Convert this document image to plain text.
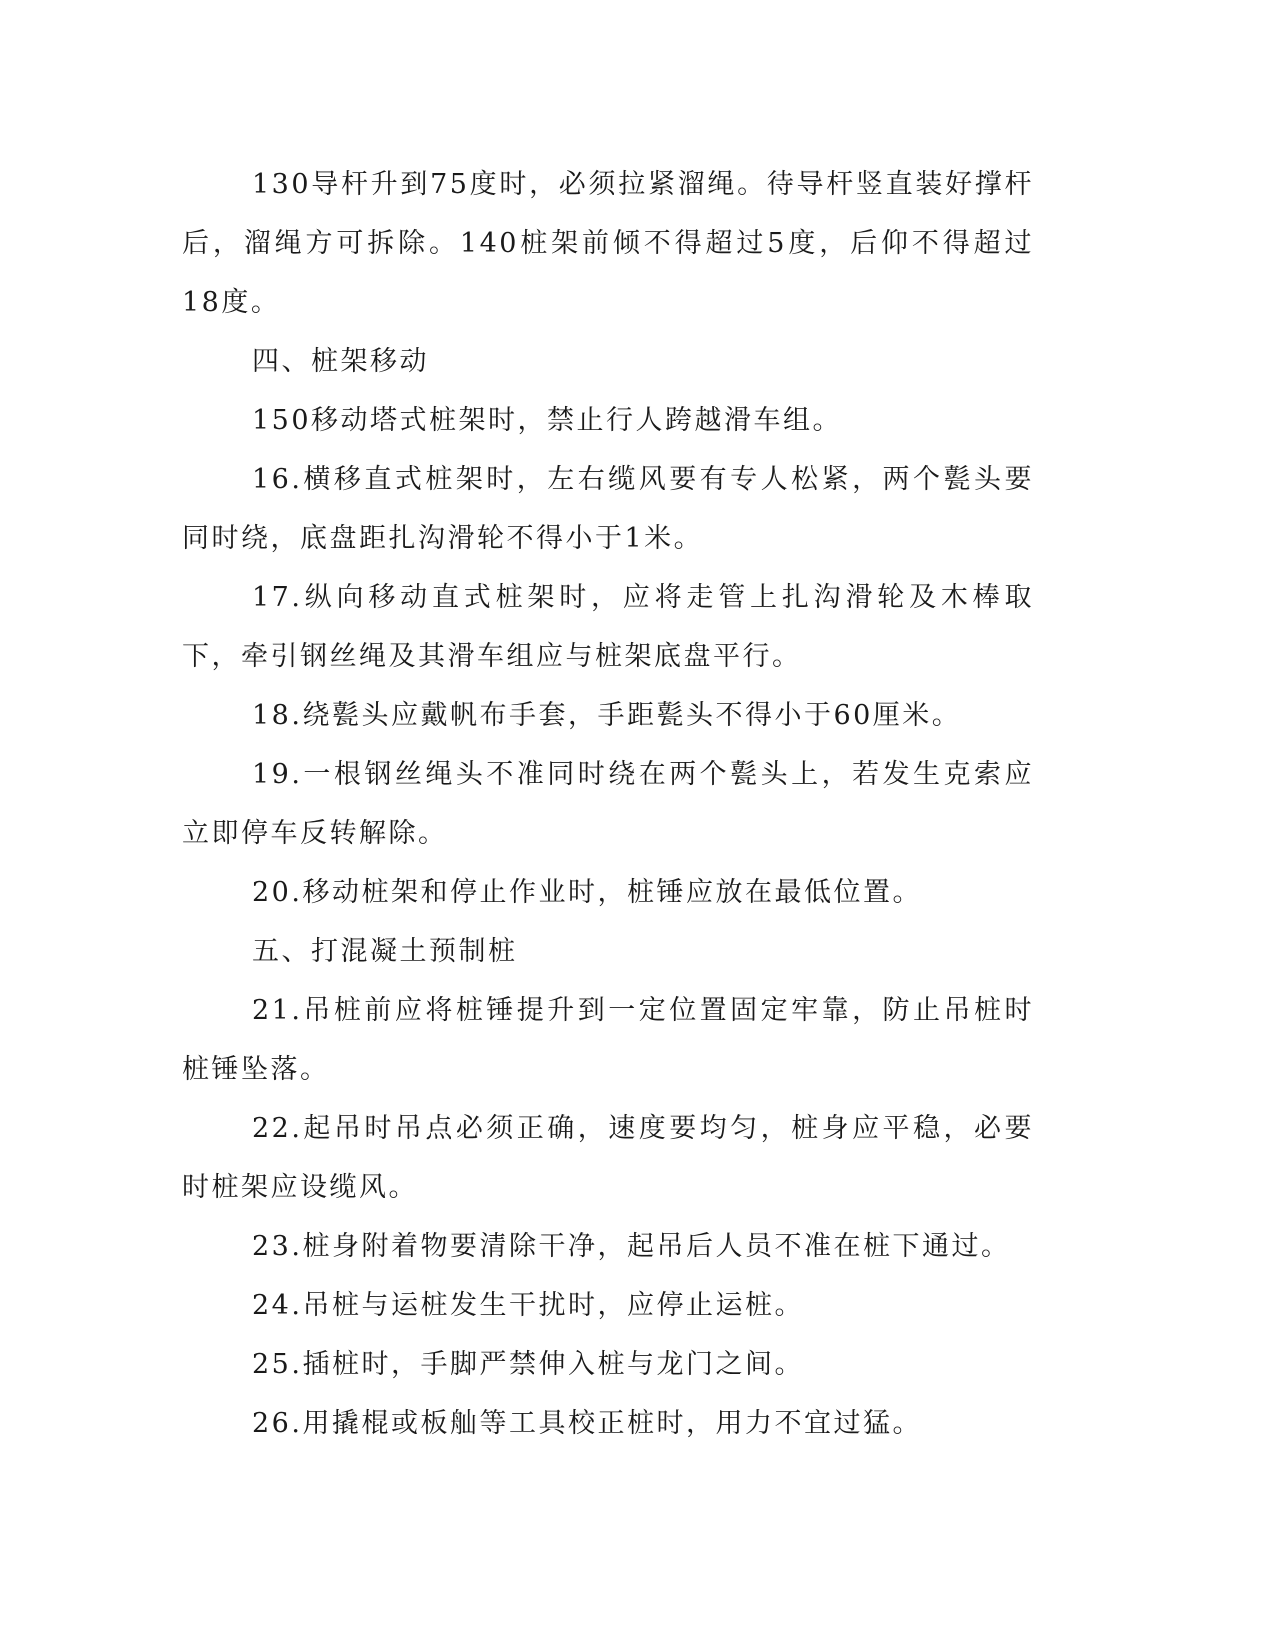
130导杆升到75度时，必须拉紧溜绳。待导杆竖直装好撑杆后，溜绳方可拆除。140桩架前倾不得超过5度，后仰不得超过18度。

四、桩架移动

150移动塔式桩架时，禁止行人跨越滑车组。

16.横移直式桩架时，左右缆风要有专人松紧，两个甏头要同时绕，底盘距扎沟滑轮不得小于1米。

17.纵向移动直式桩架时，应将走管上扎沟滑轮及木棒取下，牵引钢丝绳及其滑车组应与桩架底盘平行。

18.绕甏头应戴帆布手套，手距甏头不得小于60厘米。

19.一根钢丝绳头不准同时绕在两个甏头上，若发生克索应立即停车反转解除。

20.移动桩架和停止作业时，桩锤应放在最低位置。

五、打混凝土预制桩

21.吊桩前应将桩锤提升到一定位置固定牢靠，防止吊桩时桩锤坠落。

22.起吊时吊点必须正确，速度要均匀，桩身应平稳，必要时桩架应设缆风。

23.桩身附着物要清除干净，起吊后人员不准在桩下通过。

24.吊桩与运桩发生干扰时，应停止运桩。

25.插桩时，手脚严禁伸入桩与龙门之间。

26.用撬棍或板舢等工具校正桩时，用力不宜过猛。
